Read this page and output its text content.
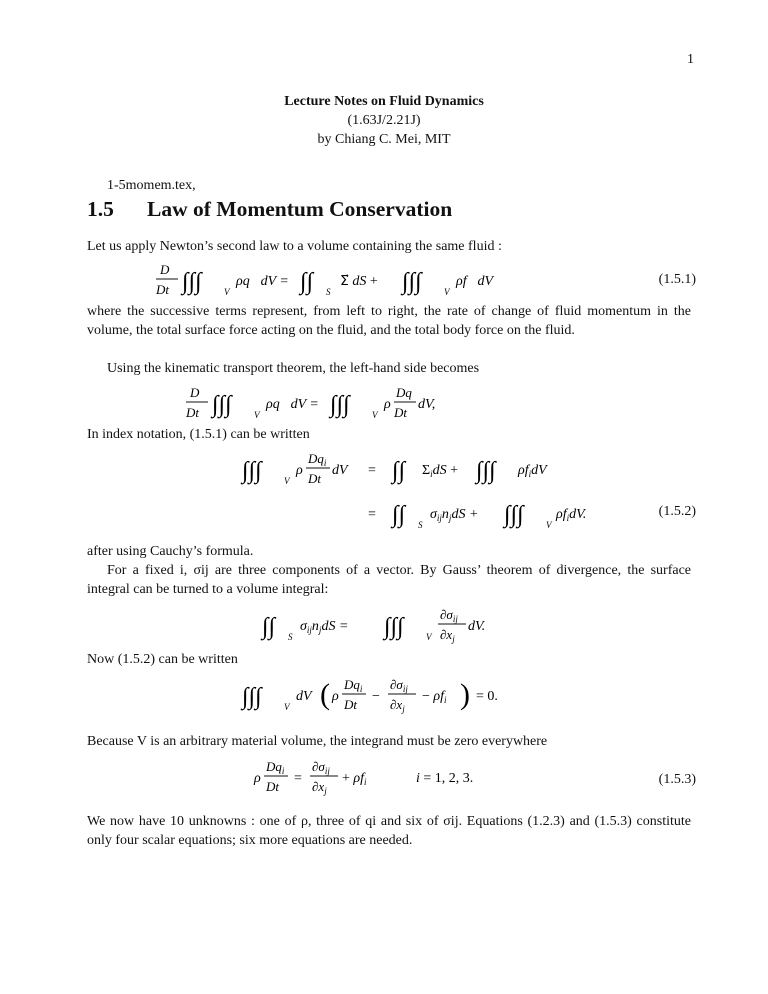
1
Lecture Notes on Fluid Dynamics
(1.63J/2.21J)
by Chiang C. Mei, MIT
1-5momem.tex,
1.5 Law of Momentum Conservation
Let us apply Newton’s second law to a volume containing the same fluid :
D
Dt ∫∫∫ V
ρq⃗dV = ∫∫ S
Σ⃗ dS + ∫∫∫ V
ρf⃗dV	(1.5.1)
where the successive terms represent, from left to right, the rate of change of fluid momentum in the volume, the total surface force acting on the fluid, and the total body force on the fluid.
Using the kinematic transport theorem, the left-hand side becomes
D
Dt ∫∫∫ V
ρq⃗dV = ∫∫∫ V
ρ
Dq⃗
Dt
dV,
In index notation, (1.5.1) can be written
∫∫∫ V
ρ
$Dq_i$
Dt
dV = ∫∫ $\Sigma_idS$ + ∫∫∫ $\rho f_idV$
= ∫∫ S
$\sigma_{ij}n_jdS$ + ∫∫∫ V
$\rho f_idV$.	(1.5.2)
after using Cauchy’s formula.
For a fixed i, σij are three components of a vector. By Gauss’ theorem of divergence, the surface integral can be turned to a volume integral:
∫∫ S
$\sigma_{ij}n_jdS$ = ∫∫∫ V
$\partial\sigma_{ij}$
$\partial x_j$
dV.
Now (1.5.2) can be written
∫∫∫ V
dV ( ρ
$Dq_i$
Dt
−
$\partial\sigma_{ij}$
$\partial x_j$
− $\rho f_i$ ) = 0.
Because V is an arbitrary material volume, the integrand must be zero everywhere
ρ
$Dq_i$
Dt
=
$\partial\sigma_{ij}$
$\partial x_j$
+ $\rho f_i$	i = 1, 2, 3.	(1.5.3)
We now have 10 unknowns : one of ρ, three of qi and six of σij. Equations (1.2.3) and (1.5.3) constitute only four scalar equations; six more equations are needed.
